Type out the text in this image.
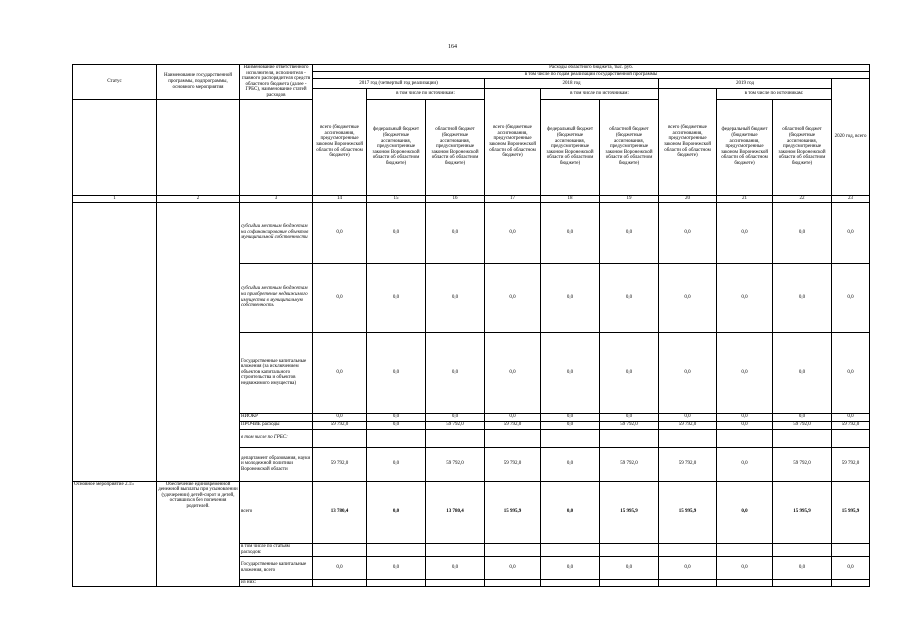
164
Статус	Наименование государственной программы, подпрограммы, основного мероприятия	Наименование ответственного исполнителя, исполнителя - главного распорядителя средств областного бюджета (далее - ГРБС), наименование статей расходов	Расходы областного бюджета, тыс. руб.									
			в том числе по годам реализации государственной программы									
			2017 год (четвертый год реализации)			2018 год			2019 год			2020 год, всего
			всего (бюджетные ассигнования, предусмотренные законом Воронежской области об областном бюджете)	в том числе по источникам:		всего (бюджетные ассигнования, предусмотренные законом Воронежской области об областном бюджете)	в том числе по источникам:		всего (бюджетные ассигнования, предусмотренные законом Воронежской области об областном бюджете)	в том числе по источникам:		
				федеральный бюджет (бюджетные ассигнования, предусмотренные законом Воронежской области об областном бюджете)	областной бюджет (бюджетные ассигнования, предусмотренные законом Воронежской области об областном бюджете)		федеральный бюджет (бюджетные ассигнования, предусмотренные законом Воронежской области об областном бюджете)	областной бюджет (бюджетные ассигнования, предусмотренные законом Воронежской области об областном бюджете)		федеральный бюджет (бюджетные ассигнования, предусмотренные законом Воронежской области об областном бюджете)	областной бюджет (бюджетные ассигнования, предусмотренные законом Воронежской области об областном бюджете)	
1	2	3	14	15	16	17	18	19	20	21	22	23
		субсидии местным бюджетам на софинансирование объектов муниципальной собственности	0,0	0,0	0,0	0,0	0,0	0,0	0,0	0,0	0,0	0,0
		субсидии местным бюджетам на приобретение недвижимого имущества в муниципальную собственность	0,0	0,0	0,0	0,0	0,0	0,0	0,0	0,0	0,0	0,0
		Государственные капитальные вложения (за исключением объектов капитального строительства и объектов недвижимого имущества)	0,0	0,0	0,0	0,0	0,0	0,0	0,0	0,0	0,0	0,0
		НИОКР	0,0	0,0	0,0	0,0	0,0	0,0	0,0	0,0	0,0	0,0
		ПРОЧИЕ расходы	59 792,0	0,0	59 792,0	59 792,0	0,0	59 792,0	59 792,0	0,0	59 792,0	59 792,0
		в том числе по ГРБС:										
		департамент образования, науки и молодежной политики Воронежской области	59 792,0	0,0	59 792,0	59 792,0	0,0	59 792,0	59 792,0	0,0	59 792,0	59 792,0
Основное мероприятие 2.15	Обеспечение единовременной денежной выплаты при усыновлении (удочерении) детей-сирот и детей, оставшихся без попечения родителей.	всего	13 780,4	0,0	13 780,4	15 995,9	0,0	15 995,9	15 995,9	0,0	15 995,9	15 995,9
		в том числе по статьям расходов:										
		Государственные капитальные вложения, всего	0,0	0,0	0,0	0,0	0,0	0,0	0,0	0,0	0,0	0,0
		из них:										
